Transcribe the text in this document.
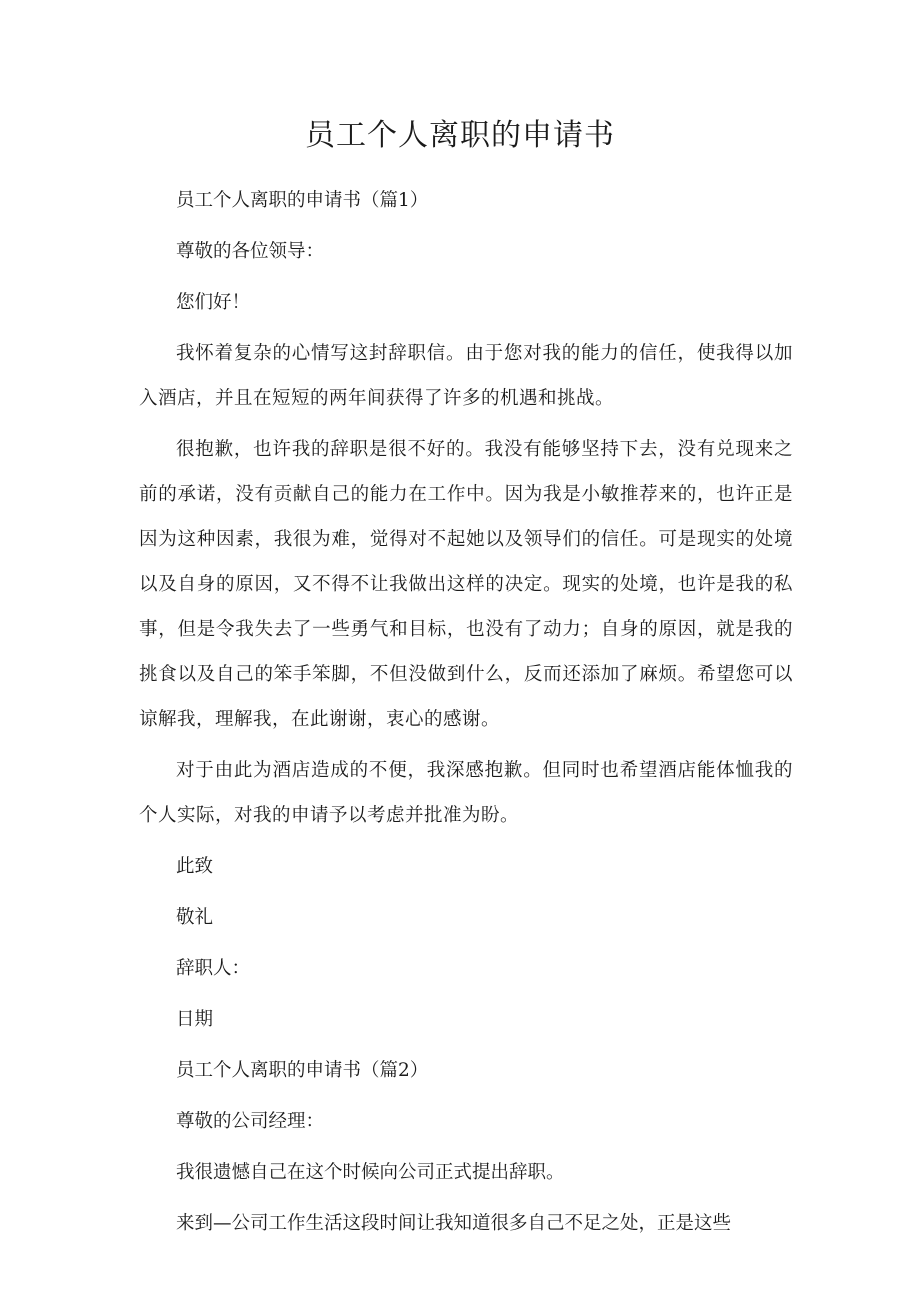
员工个人离职的申请书

员工个人离职的申请书（篇1）

尊敬的各位领导：

您们好！

我怀着复杂的心情写这封辞职信。由于您对我的能力的信任，使我得以加入酒店，并且在短短的两年间获得了许多的机遇和挑战。

很抱歉，也许我的辞职是很不好的。我没有能够坚持下去，没有兑现来之前的承诺，没有贡献自己的能力在工作中。因为我是小敏推荐来的，也许正是因为这种因素，我很为难，觉得对不起她以及领导们的信任。可是现实的处境以及自身的原因，又不得不让我做出这样的决定。现实的处境，也许是我的私事，但是令我失去了一些勇气和目标，也没有了动力；自身的原因，就是我的挑食以及自己的笨手笨脚，不但没做到什么，反而还添加了麻烦。希望您可以谅解我，理解我，在此谢谢，衷心的感谢。

对于由此为酒店造成的不便，我深感抱歉。但同时也希望酒店能体恤我的个人实际，对我的申请予以考虑并批准为盼。

此致

敬礼

辞职人：

日期

员工个人离职的申请书（篇2）

尊敬的公司经理：

我很遗憾自己在这个时候向公司正式提出辞职。

来到—公司工作生活这段时间让我知道很多自己不足之处，正是这些
